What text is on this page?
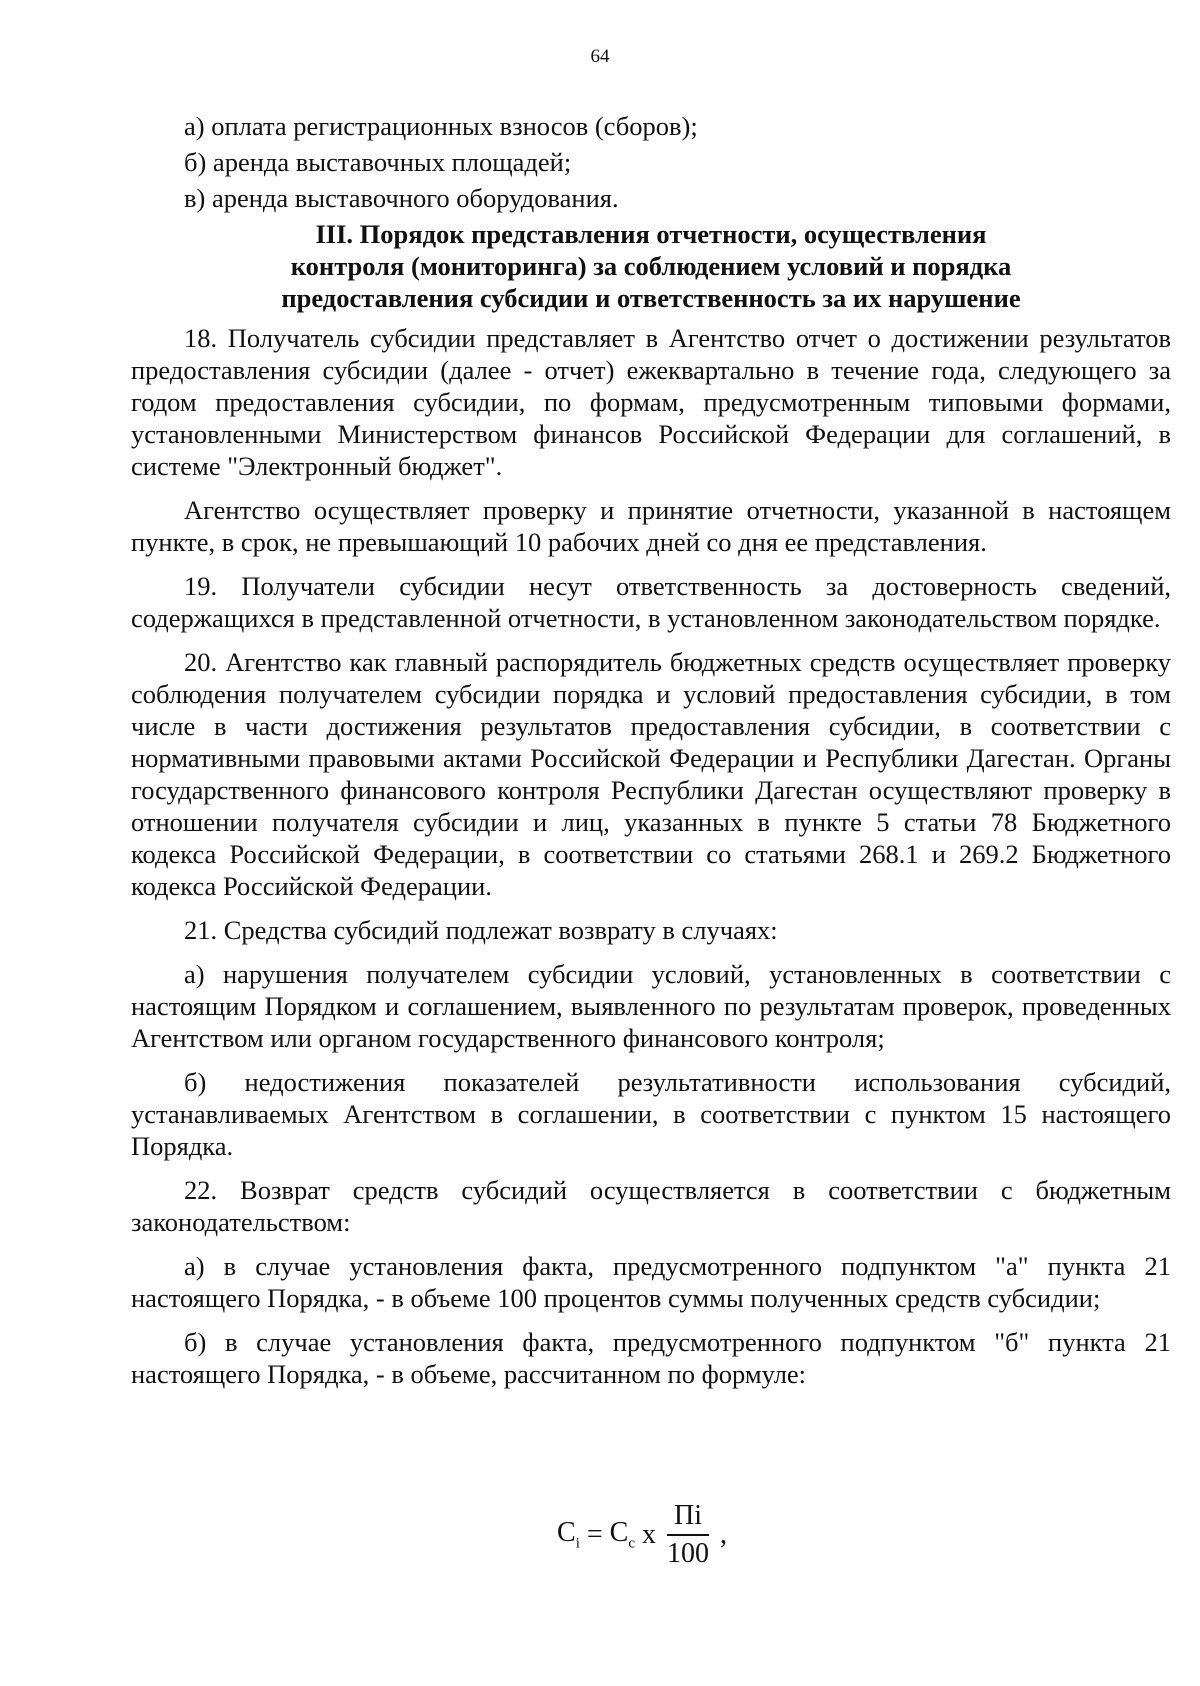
64
а) оплата регистрационных взносов (сборов);
б) аренда выставочных площадей;
в) аренда выставочного оборудования.
III. Порядок представления отчетности, осуществления
контроля (мониторинга) за соблюдением условий и порядка
предоставления субсидии и ответственность за их нарушение

18. Получатель субсидии представляет в Агентство отчет о достижении результатов предоставления субсидии (далее - отчет) ежеквартально в течение года, следующего за годом предоставления субсидии, по формам, предусмотренным типовыми формами, установленными Министерством финансов Российской Федерации для соглашений, в системе "Электронный бюджет".

Агентство осуществляет проверку и принятие отчетности, указанной в настоящем пункте, в срок, не превышающий 10 рабочих дней со дня ее представления.

19. Получатели субсидии несут ответственность за достоверность сведений, содержащихся в представленной отчетности, в установленном законодательством порядке.

20. Агентство как главный распорядитель бюджетных средств осуществляет проверку соблюдения получателем субсидии порядка и условий предоставления субсидии, в том числе в части достижения результатов предоставления субсидии, в соответствии с нормативными правовыми актами Российской Федерации и Республики Дагестан. Органы государственного финансового контроля Республики Дагестан осуществляют проверку в отношении получателя субсидии и лиц, указанных в пункте 5 статьи 78 Бюджетного кодекса Российской Федерации, в соответствии со статьями 268.1 и 269.2 Бюджетного кодекса Российской Федерации.

21. Средства субсидий подлежат возврату в случаях:

а) нарушения получателем субсидии условий, установленных в соответствии с настоящим Порядком и соглашением, выявленного по результатам проверок, проведенных Агентством или органом государственного финансового контроля;

б) недостижения показателей результативности использования субсидий, устанавливаемых Агентством в соглашении, в соответствии с пунктом 15 настоящего Порядка.

22. Возврат средств субсидий осуществляется в соответствии с бюджетным законодательством:

а) в случае установления факта, предусмотренного подпунктом "а" пункта 21 настоящего Порядка, - в объеме 100 процентов суммы полученных средств субсидии;

б) в случае установления факта, предусмотренного подпунктом "б" пункта 21 настоящего Порядка, - в объеме, рассчитанном по формуле:

$C_i = C_c$ x $\frac{Пi}{100}$ ,
